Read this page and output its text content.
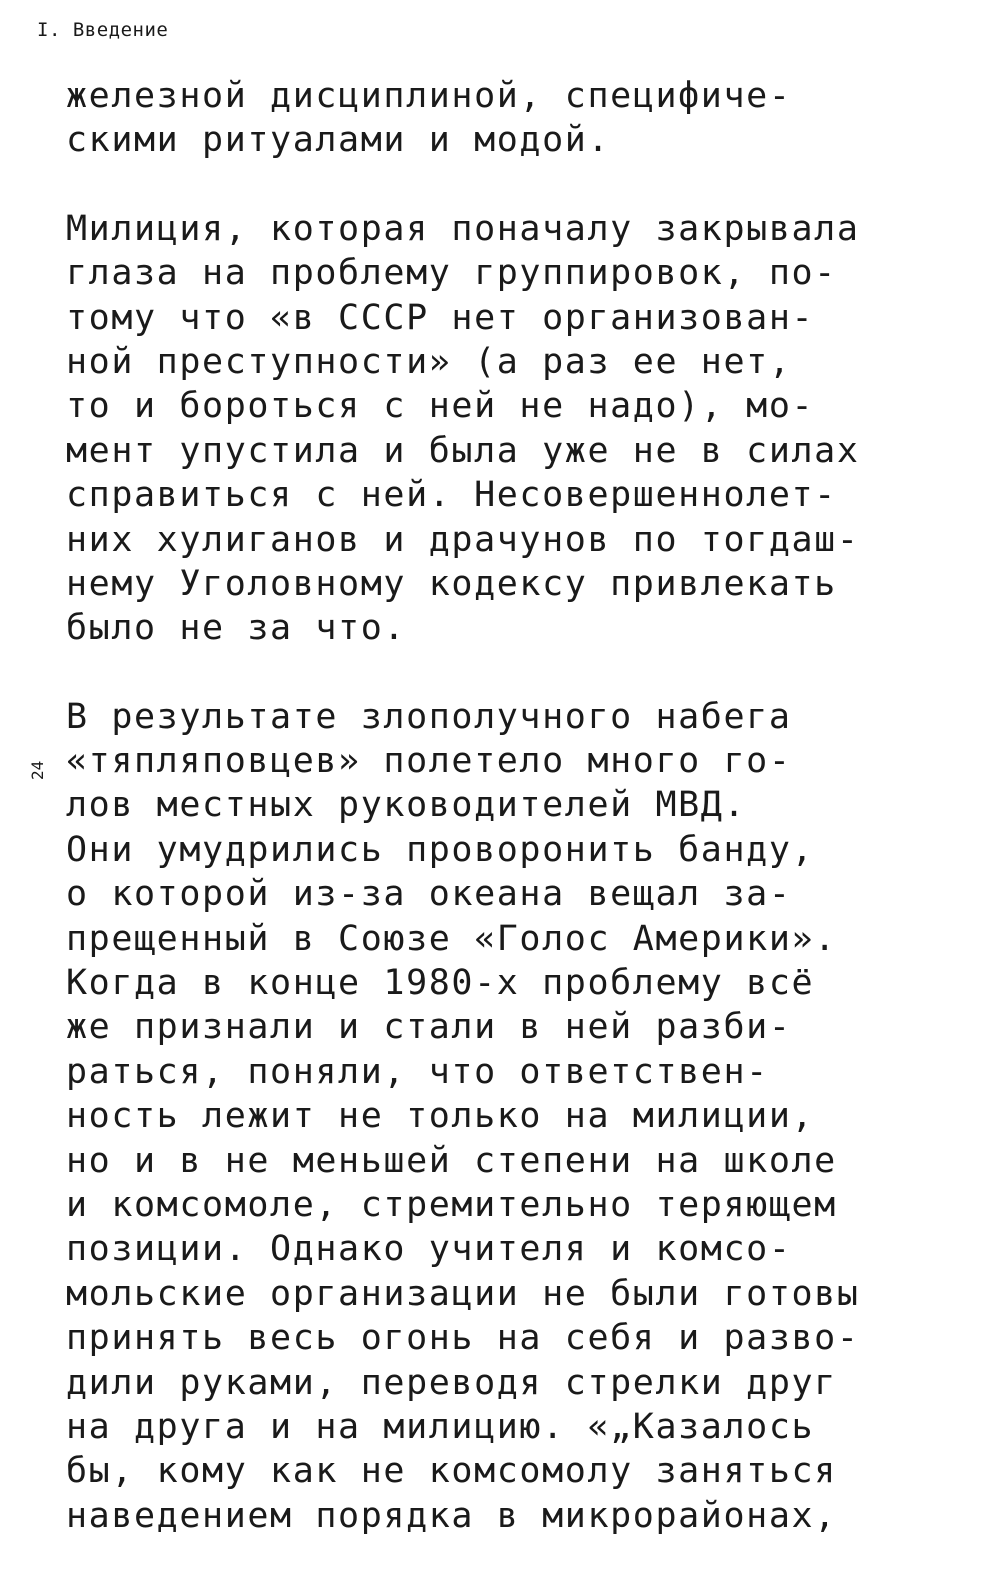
I. Введение
24

железной дисциплиной, специфиче-
скими ритуалами и модой.

Милиция, которая поначалу закрывала
глаза на проблему группировок, по-
тому что «в СССР нет организован-
ной преступности» (а раз ее нет,
то и бороться с ней не надо), мо-
мент упустила и была уже не в силах
справиться с ней. Несовершеннолет-
них хулиганов и драчунов по тогдаш-
нему Уголовному кодексу привлекать
было не за что.

В результате злополучного набега
«тяпляповцев» полетело много го-
лов местных руководителей МВД.
Они умудрились проворонить банду,
о которой из-за океана вещал за-
прещенный в Союзе «Голос Америки».
Когда в конце 1980-х проблему всё
же признали и стали в ней разби-
раться, поняли, что ответствен-
ность лежит не только на милиции,
но и в не меньшей степени на школе
и комсомоле, стремительно теряющем
позиции. Однако учителя и комсо-
мольские организации не были готовы
принять весь огонь на себя и разво-
дили руками, переводя стрелки друг
на друга и на милицию. «„Казалось
бы, кому как не комсомолу заняться
наведением порядка в микрорайонах,
